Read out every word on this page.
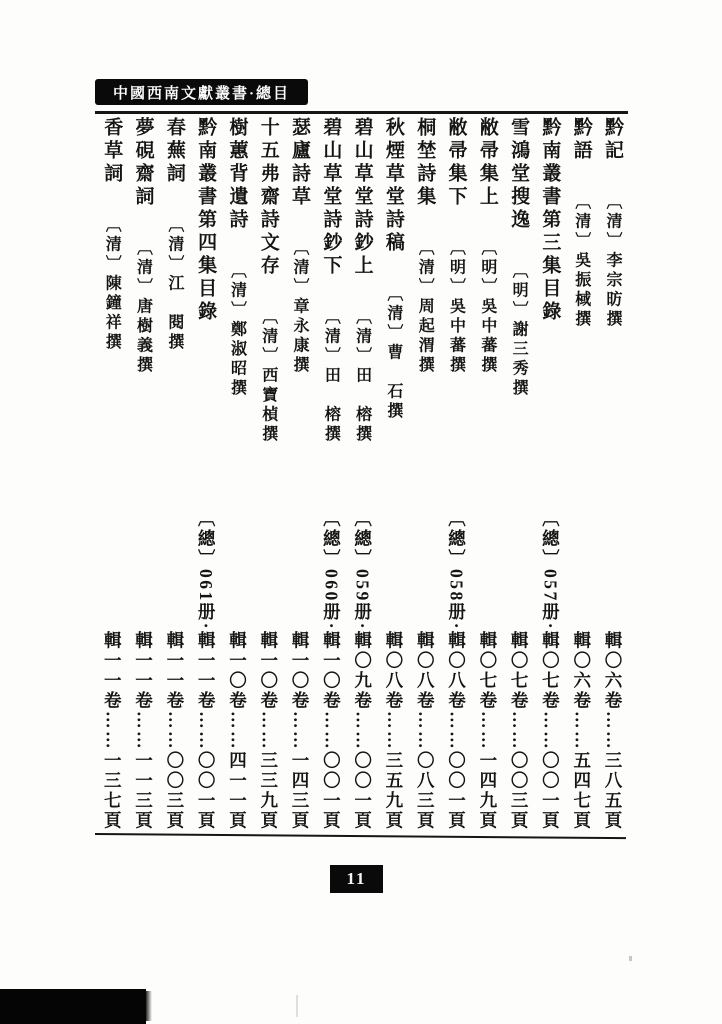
中國西南文獻叢書·總目
黔記〔清〕李宗昉撰
輯〇六卷……三八五頁
黔語〔清〕吳振棫撰
輯〇六卷……五四七頁
黔南叢書第三集目錄
〔總〕057册·輯〇七卷……〇〇一頁
雪鴻堂搜逸〔明〕謝三秀撰
輯〇七卷……〇〇三頁
敝帚集上〔明〕吳中蕃撰
輯〇七卷……一四九頁
敝帚集下〔明〕吳中蕃撰
〔總〕058册·輯〇八卷……〇〇一頁
桐埜詩集〔清〕周起渭撰
輯〇八卷……〇八三頁
秋煙草堂詩稿〔清〕曹　石撰
輯〇八卷……三五九頁
碧山草堂詩鈔上〔清〕田　榕撰
〔總〕059册·輯〇九卷……〇〇一頁
碧山草堂詩鈔下〔清〕田　榕撰
〔總〕060册·輯一〇卷……〇〇一頁
瑟廬詩草〔清〕章永康撰
輯一〇卷……一四三頁
十五弗齋詩文存〔清〕西寶楨撰
輯一〇卷……三三九頁
樹蕙背遺詩〔清〕鄭淑昭撰
輯一〇卷……四一一頁
黔南叢書第四集目錄
〔總〕061册·輯一一卷……〇〇一頁
春蕪詞〔清〕江　閱撰
輯一一卷……〇〇三頁
夢硯齋詞〔清〕唐樹義撰
輯一一卷……一一三頁
香草詞〔清〕陳鐘祥撰
輯一一卷……一三七頁
11
